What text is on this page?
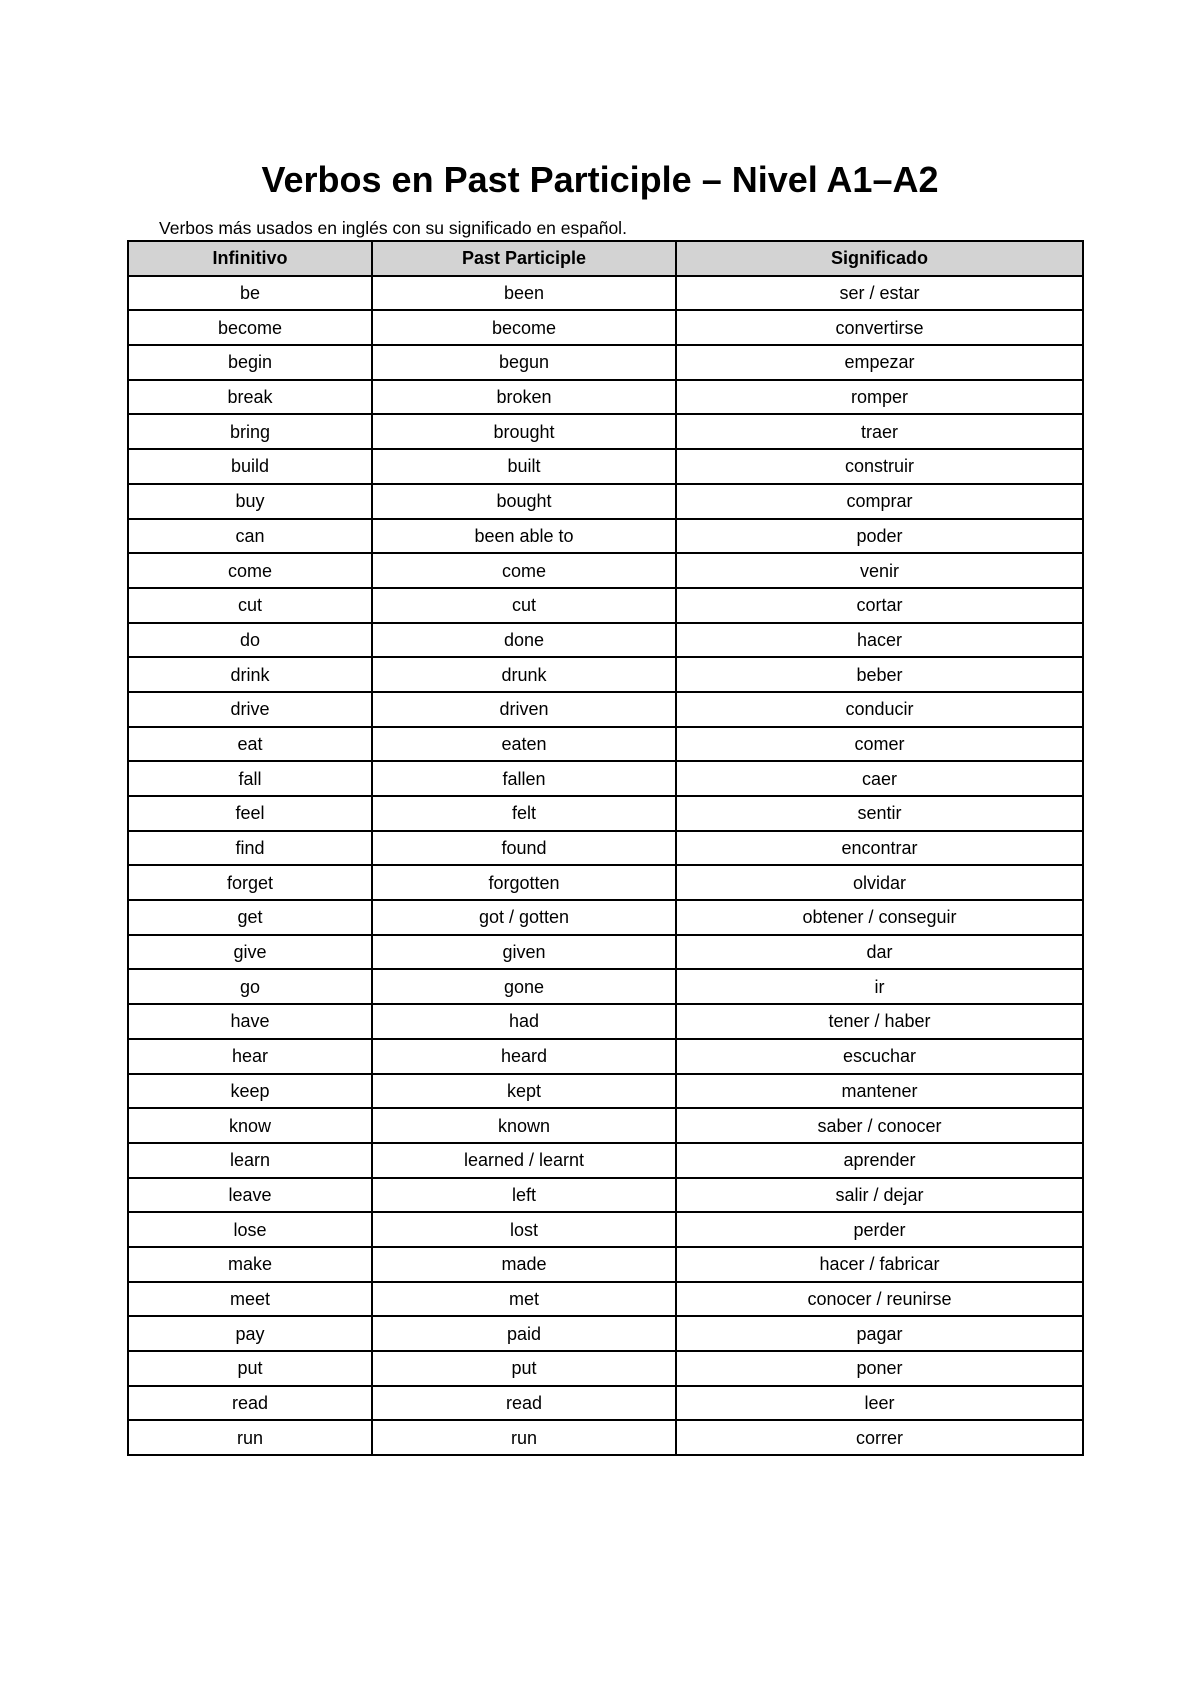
Verbos en Past Participle – Nivel A1–A2

Verbos más usados en inglés con su significado en español.

Infinitivo	Past Participle	Significado
be	been	ser / estar
become	become	convertirse
begin	begun	empezar
break	broken	romper
bring	brought	traer
build	built	construir
buy	bought	comprar
can	been able to	poder
come	come	venir
cut	cut	cortar
do	done	hacer
drink	drunk	beber
drive	driven	conducir
eat	eaten	comer
fall	fallen	caer
feel	felt	sentir
find	found	encontrar
forget	forgotten	olvidar
get	got / gotten	obtener / conseguir
give	given	dar
go	gone	ir
have	had	tener / haber
hear	heard	escuchar
keep	kept	mantener
know	known	saber / conocer
learn	learned / learnt	aprender
leave	left	salir / dejar
lose	lost	perder
make	made	hacer / fabricar
meet	met	conocer / reunirse
pay	paid	pagar
put	put	poner
read	read	leer
run	run	correr
